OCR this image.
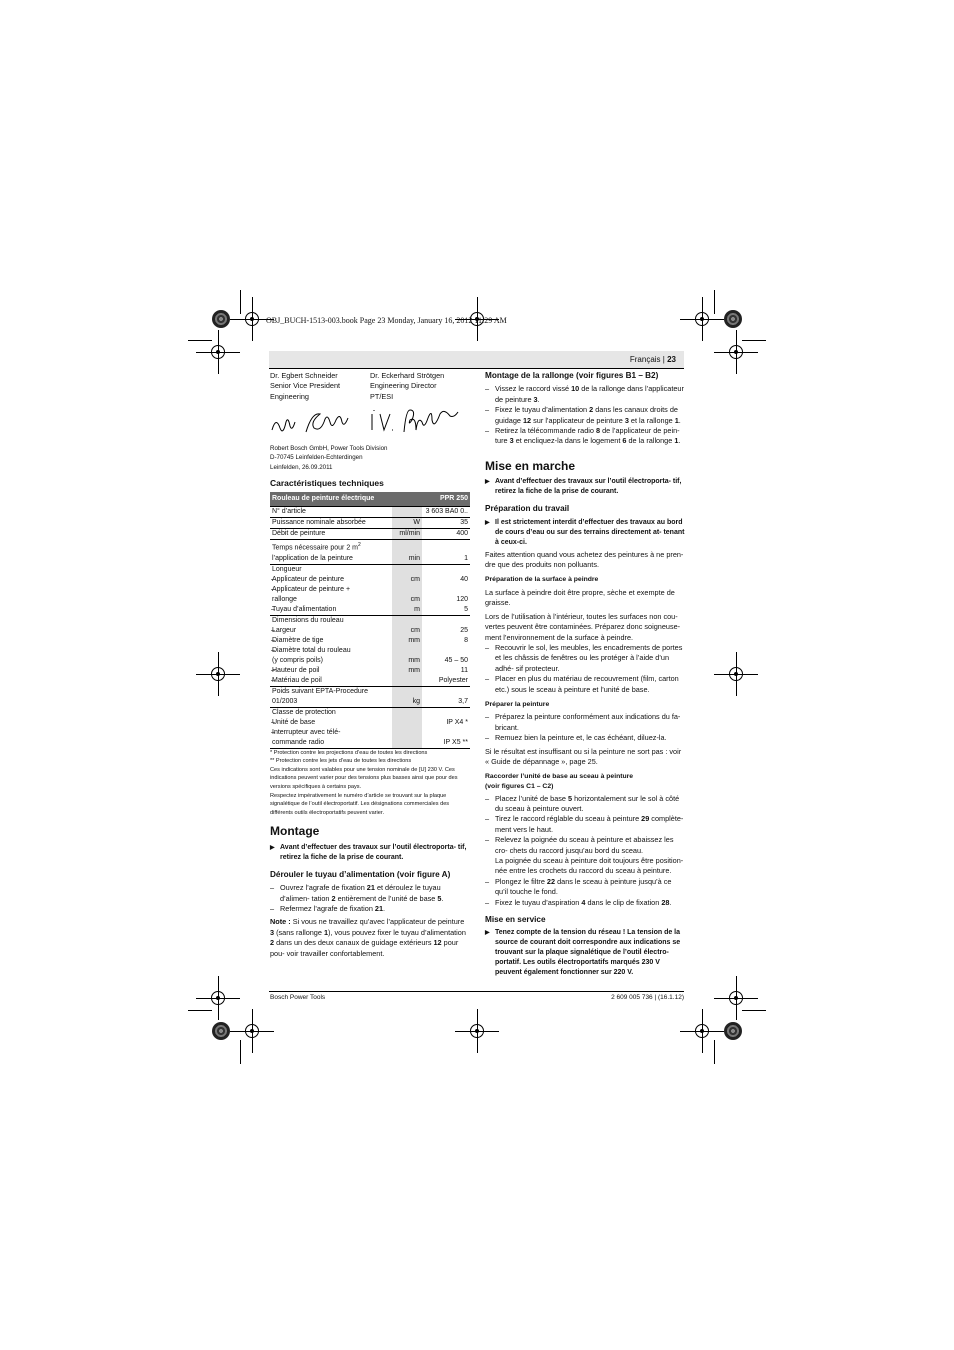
OBJ_BUCH-1513-003.book Page 23 Monday, January 16, 2012 11:29 AM
Français | 23

Dr. Egbert Schneider

Senior Vice President

Engineering

Dr. Eckerhard Strötgen

Engineering Director

PT/ESI

Robert Bosch GmbH, Power Tools Division

D-70745 Leinfelden-Echterdingen

Leinfelden, 26.09.2011

Caractéristiques techniques
Rouleau de peinture électrique		PPR 250
N° d’article		3 603 BA0 0..
Puissance nominale absorbée	W	35
Débit de peinture	ml/min	400
Temps nécessaire pour 2 $m^2$
l’application de la peinture	min	1
Longueur		
– Applicateur de peinture	cm	40
– Applicateur de peinture +
rallonge	cm	120
– Tuyau d’alimentation	m	5
Dimensions du rouleau		
– Largeur	cm	25
– Diamètre de tige	mm	8
– Diamètre total du rouleau
(y compris poils)	mm	45 – 50
– Hauteur de poil	mm	11
– Matériau de poil		Polyester
Poids suivant EPTA-Procedure
01/2003	kg	3,7
Classe de protection		
– Unité de base		IP X4 *
– Interrupteur avec télé-
commande radio		IP X5 **

* Protection contre les projections d’eau de toutes les directions

** Protection contre les jets d’eau de toutes les directions

Ces indications sont valables pour une tension nominale de [U] 230 V. Ces indications peuvent varier pour des tensions plus basses ainsi que pour des versions spécifiques à certains pays.

Respectez impérativement le numéro d’article se trouvant sur la plaque signalétique de l’outil électroportatif. Les désignations commerciales des différents outils électroportatifs peuvent varier.

Montage
▶ Avant d’effectuer des travaux sur l’outil électroporta- tif, retirez la fiche de la prise de courant.
Dérouler le tuyau d’alimentation (voir figure A)

– Ouvrez l’agrafe de fixation 21 et déroulez le tuyau d’alimen- tation 2 entièrement de l’unité de base 5.

– Refermez l’agrafe de fixation 21.

Note : Si vous ne travaillez qu’avec l’applicateur de peinture 3 (sans rallonge 1), vous pouvez fixer le tuyau d’alimentation 2 dans un des deux canaux de guidage extérieurs 12 pour pou- voir travailler confortablement.

Montage de la rallonge (voir figures B1 – B2)

– Vissez le raccord vissé 10 de la rallonge dans l’applicateur de peinture 3.

– Fixez le tuyau d’alimentation 2 dans les canaux droits de guidage 12 sur l’applicateur de peinture 3 et la rallonge 1.

– Retirez la télécommande radio 8 de l’applicateur de pein- ture 3 et encliquez-la dans le logement 6 de la rallonge 1.

Mise en marche
▶ Avant d’effectuer des travaux sur l’outil électroporta- tif, retirez la fiche de la prise de courant.
Préparation du travail
▶ Il est strictement interdit d’effectuer des travaux au bord de cours d’eau ou sur des terrains directement at- tenant à ceux-ci.

Faites attention quand vous achetez des peintures à ne pren- dre que des produits non polluants.

Préparation de la surface à peindre

La surface à peindre doit être propre, sèche et exempte de graisse.

Lors de l’utilisation à l’intérieur, toutes les surfaces non cou- vertes peuvent être contaminées. Préparez donc soigneuse- ment l’environnement de la surface à peindre.

– Recouvrir le sol, les meubles, les encadrements de portes et les châssis de fenêtres ou les protéger à l’aide d’un adhé- sif protecteur.

– Placer en plus du matériau de recouvrement (film, carton etc.) sous le sceau à peinture et l’unité de base.

Préparer la peinture

– Préparez la peinture conformément aux indications du fa- bricant.

– Remuez bien la peinture et, le cas échéant, diluez-la.

Si le résultat est insuffisant ou si la peinture ne sort pas : voir « Guide de dépannage », page 25.

Raccorder l’unité de base au sceau à peinture
(voir figures C1 – C2)

– Placez l’unité de base 5 horizontalement sur le sol à côté du sceau à peinture ouvert.

– Tirez le raccord réglable du sceau à peinture 29 complète- ment vers le haut.

– Relevez la poignée du sceau à peinture et abaissez les cro- chets du raccord jusqu’au bord du sceau.

La poignée du sceau à peinture doit toujours être position- née entre les crochets du raccord du sceau à peinture.

– Plongez le filtre 22 dans le sceau à peinture jusqu’à ce qu’il touche le fond.

– Fixez le tuyau d’aspiration 4 dans le clip de fixation 28.

Mise en service
▶ Tenez compte de la tension du réseau ! La tension de la source de courant doit correspondre aux indications se trouvant sur la plaque signalétique de l’outil électro- portatif. Les outils électroportatifs marqués 230 V peuvent également fonctionner sur 220 V.
Bosch Power Tools	2 609 005 736 | (16.1.12)
